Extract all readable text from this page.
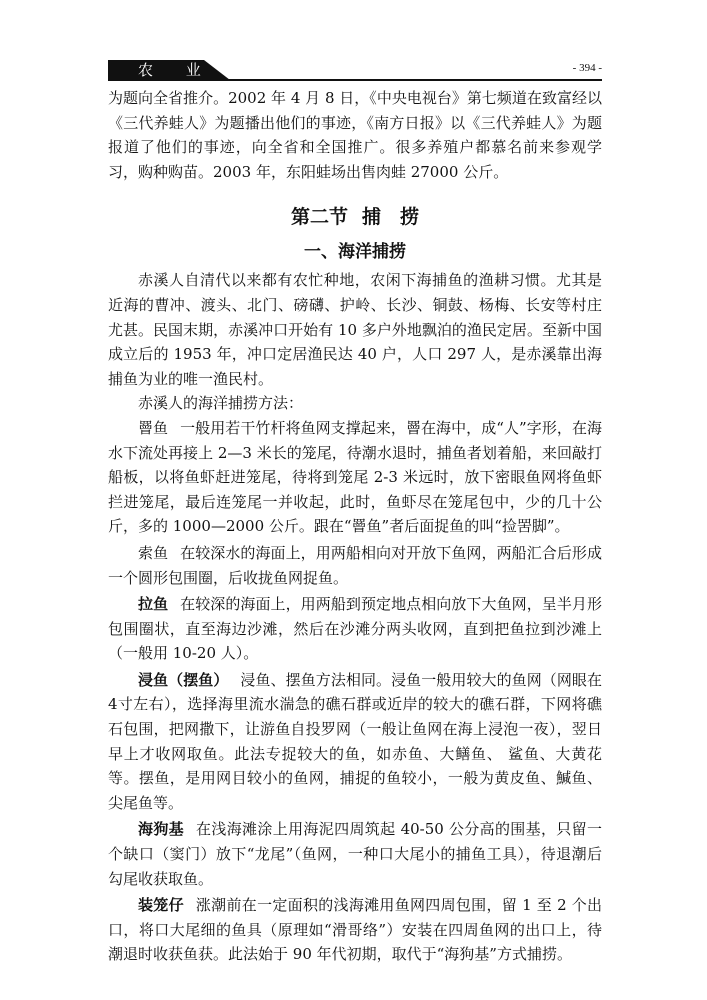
农 业	- 394 -

为题向全省推介。2002 年 4 月 8 日，《中央电视台》第七频道在致富经以《三代养蛙人》为题播出他们的事迹，《南方日报》以《三代养蛙人》为题报道了他们的事迹，向全省和全国推广。很多养殖户都慕名前来参观学习，购种购苗。2003 年，东阳蛙场出售肉蛙 27000 公斤。

第二节 捕　捞
一、海洋捕捞

赤溪人自清代以来都有农忙种地，农闲下海捕鱼的渔耕习惯。尤其是近海的曹冲、渡头、北门、磅礴、护岭、长沙、铜鼓、杨梅、长安等村庄尤甚。民国末期，赤溪冲口开始有 10 多户外地飘泊的渔民定居。至新中国成立后的 1953 年，冲口定居渔民达 40 户，人口 297 人，是赤溪靠出海捕鱼为业的唯一渔民村。

赤溪人的海洋捕捞方法：

罾鱼 一般用若干竹杆将鱼网支撑起来，罾在海中，成“人”字形，在海水下流处再接上 2—3 米长的笼尾，待潮水退时，捕鱼者划着船，来回敲打船板，以将鱼虾赶进笼尾，待将到笼尾 2-3 米远时，放下密眼鱼网将鱼虾拦进笼尾，最后连笼尾一并收起，此时，鱼虾尽在笼尾包中，少的几十公斤，多的 1000—2000 公斤。跟在“罾鱼”者后面捉鱼的叫“捡罟脚”。

索鱼 在较深水的海面上，用两船相向对开放下鱼网，两船汇合后形成一个圆形包围圈，后收拢鱼网捉鱼。

拉鱼 在较深的海面上，用两船到预定地点相向放下大鱼网，呈半月形包围圈状，直至海边沙滩，然后在沙滩分两头收网，直到把鱼拉到沙滩上（一般用 10-20 人）。

浸鱼（摆鱼） 浸鱼、摆鱼方法相同。浸鱼一般用较大的鱼网（网眼在4寸左右），选择海里流水湍急的礁石群或近岸的较大的礁石群，下网将礁石包围，把网撒下，让游鱼自投罗网（一般让鱼网在海上浸泡一夜），翌日早上才收网取鱼。此法专捉较大的鱼，如赤鱼、大鳝鱼、 鲨鱼、大黄花等。摆鱼，是用网目较小的鱼网，捕捉的鱼较小，一般为黄皮鱼、鰔鱼、尖尾鱼等。

海狗基 在浅海滩涂上用海泥四周筑起 40-50 公分高的围基，只留一个缺口（窦门）放下“龙尾”（鱼网，一种口大尾小的捕鱼工具），待退潮后勾尾收获取鱼。

装笼仔 涨潮前在一定面积的浅海滩用鱼网四周包围，留 1 至 2 个出口，将口大尾细的鱼具（原理如“滑哥络”）安装在四周鱼网的出口上，待潮退时收获鱼获。此法始于 90 年代初期，取代于“海狗基”方式捕捞。
